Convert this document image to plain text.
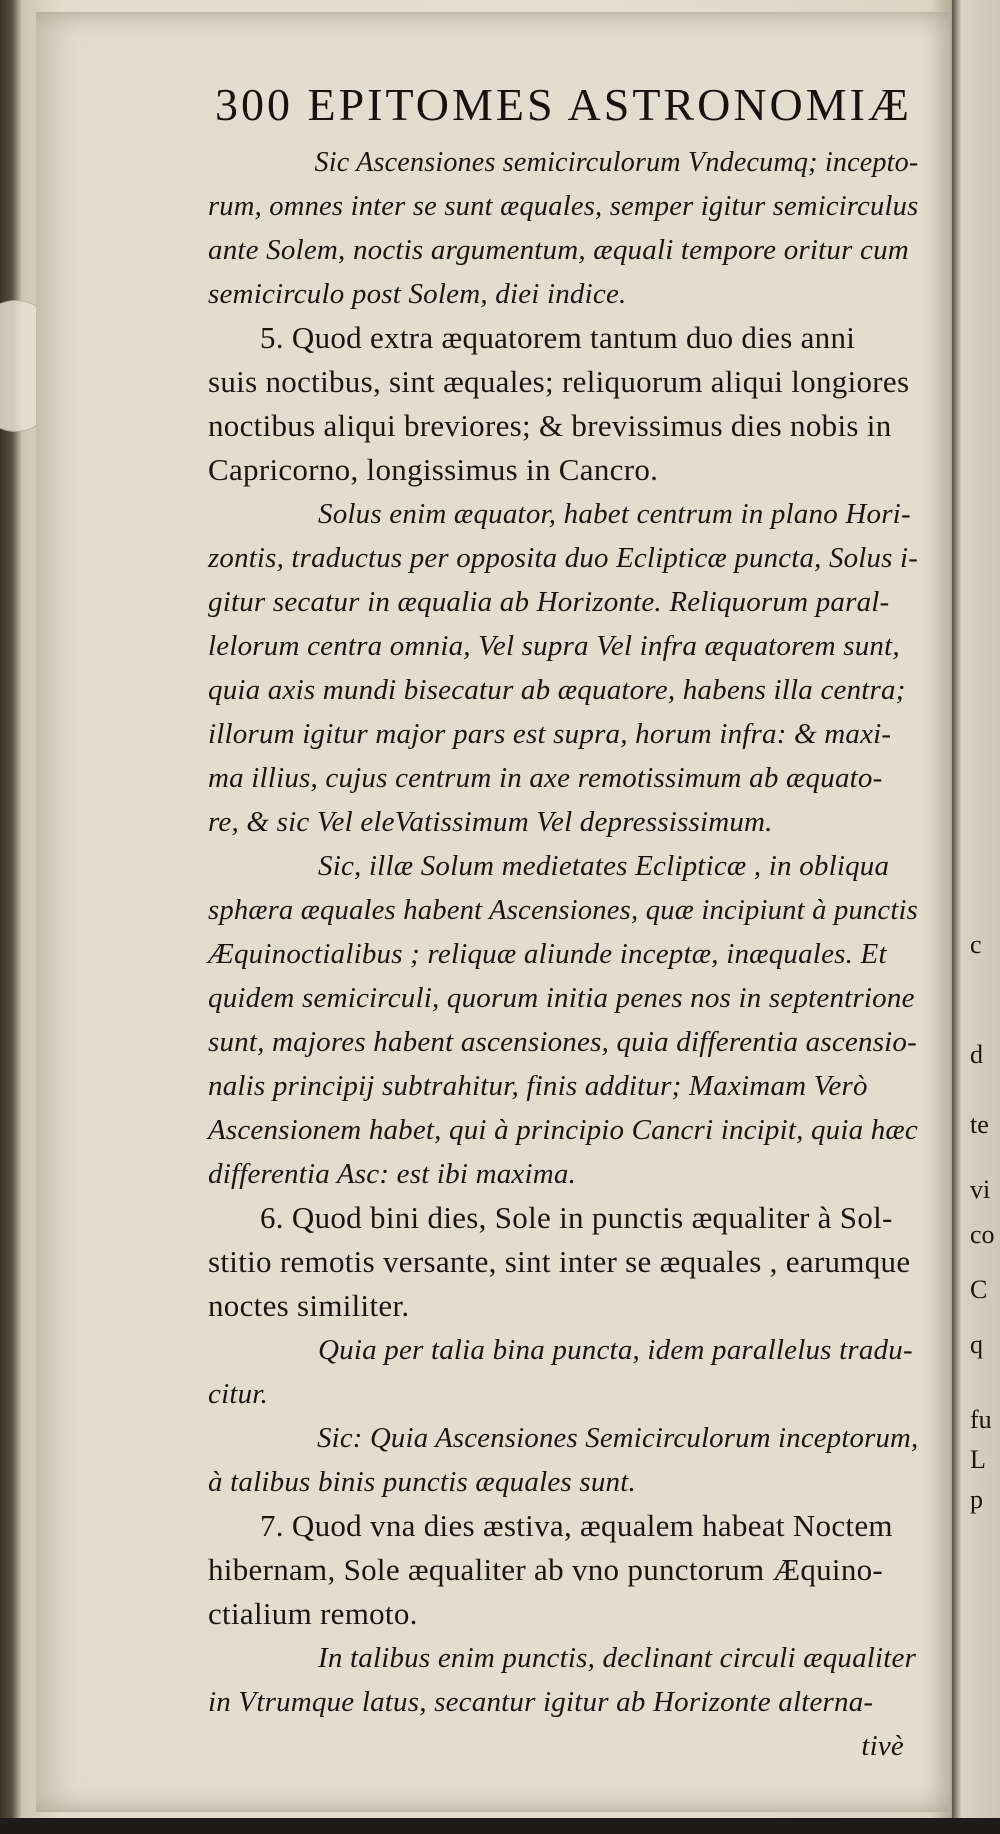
300 EPITOMES ASTRONOMIÆ
Sic Ascensiones semicirculorum Vndecumq; incepto-
rum, omnes inter se sunt æquales, semper igitur semicirculus
ante Solem, noctis argumentum, æquali tempore oritur cum
semicirculo post Solem, diei indice.
5. Quod extra æquatorem tantum duo dies anni
suis noctibus, sint æquales; reliquorum aliqui longiores
noctibus aliqui breviores; & brevissimus dies nobis in
Capricorno, longissimus in Cancro.
Solus enim æquator, habet centrum in plano Hori-
zontis, traductus per opposita duo Eclipticæ puncta, Solus i-
gitur secatur in æqualia ab Horizonte. Reliquorum paral-
lelorum centra omnia, Vel supra Vel infra æquatorem sunt,
quia axis mundi bisecatur ab æquatore, habens illa centra;
illorum igitur major pars est supra, horum infra: & maxi-
ma illius, cujus centrum in axe remotissimum ab æquato-
re, & sic Vel eleVatissimum Vel depressissimum.
Sic, illæ Solum medietates Eclipticæ , in obliqua
sphæra æquales habent Ascensiones, quæ incipiunt à punctis
Æquinoctialibus ; reliquæ aliunde inceptæ, inæquales. Et
quidem semicirculi, quorum initia penes nos in septentrione
sunt, majores habent ascensiones, quia differentia ascensio-
nalis principij subtrahitur, finis additur; Maximam Verò
Ascensionem habet, qui à principio Cancri incipit, quia hæc
differentia Asc: est ibi maxima.
6. Quod bini dies, Sole in punctis æqualiter à Sol-
stitio remotis versante, sint inter se æquales , earumque
noctes similiter.
Quia per talia bina puncta, idem parallelus tradu-
citur.
Sic: Quia Ascensiones Semicirculorum inceptorum,
à talibus binis punctis æquales sunt.
7. Quod vna dies æstiva, æqualem habeat Noctem
hibernam, Sole æqualiter ab vno punctorum Æquino-
ctialium remoto.
In talibus enim punctis, declinant circuli æqualiter
in Vtrumque latus, secantur igitur ab Horizonte alterna-
tivè
c
d
te
vi
co
C
q
fu
L
p
